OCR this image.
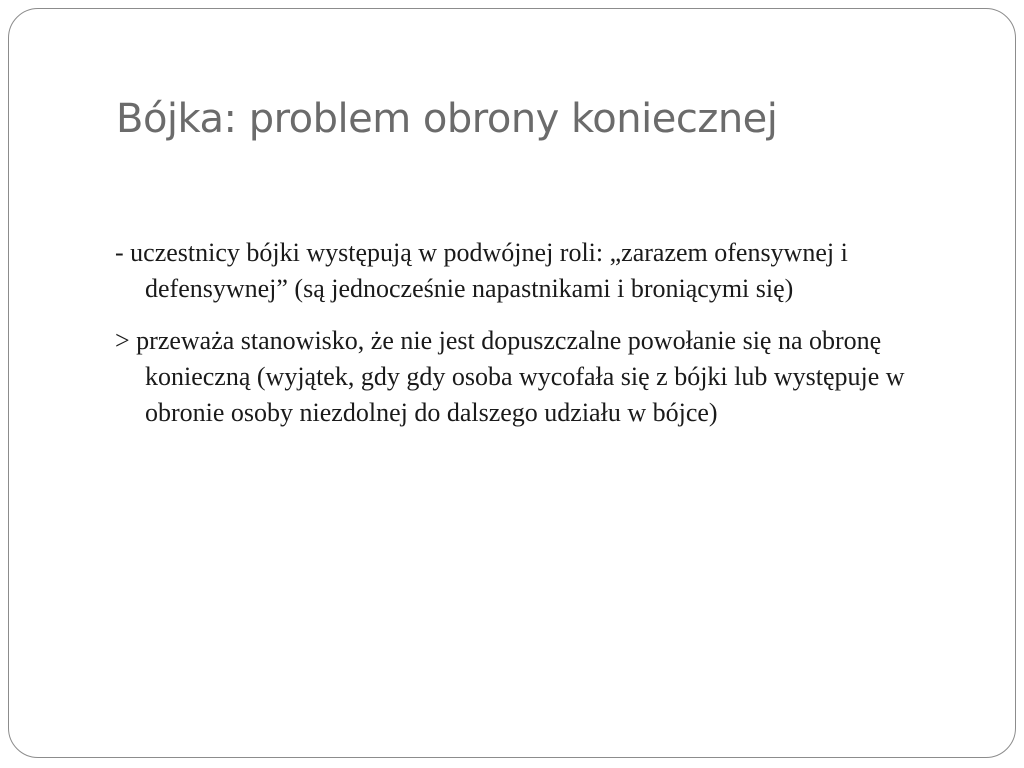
Bójka: problem obrony koniecznej

- uczestnicy bójki występują w podwójnej roli: „zarazem ofensywnej i defensywnej” (są jednocześnie napastnikami i broniącymi się)

> przeważa stanowisko, że nie jest dopuszczalne powołanie się na obronę konieczną (wyjątek, gdy gdy osoba wycofała się z bójki lub występuje w obronie osoby niezdolnej do dalszego udziału w bójce)
